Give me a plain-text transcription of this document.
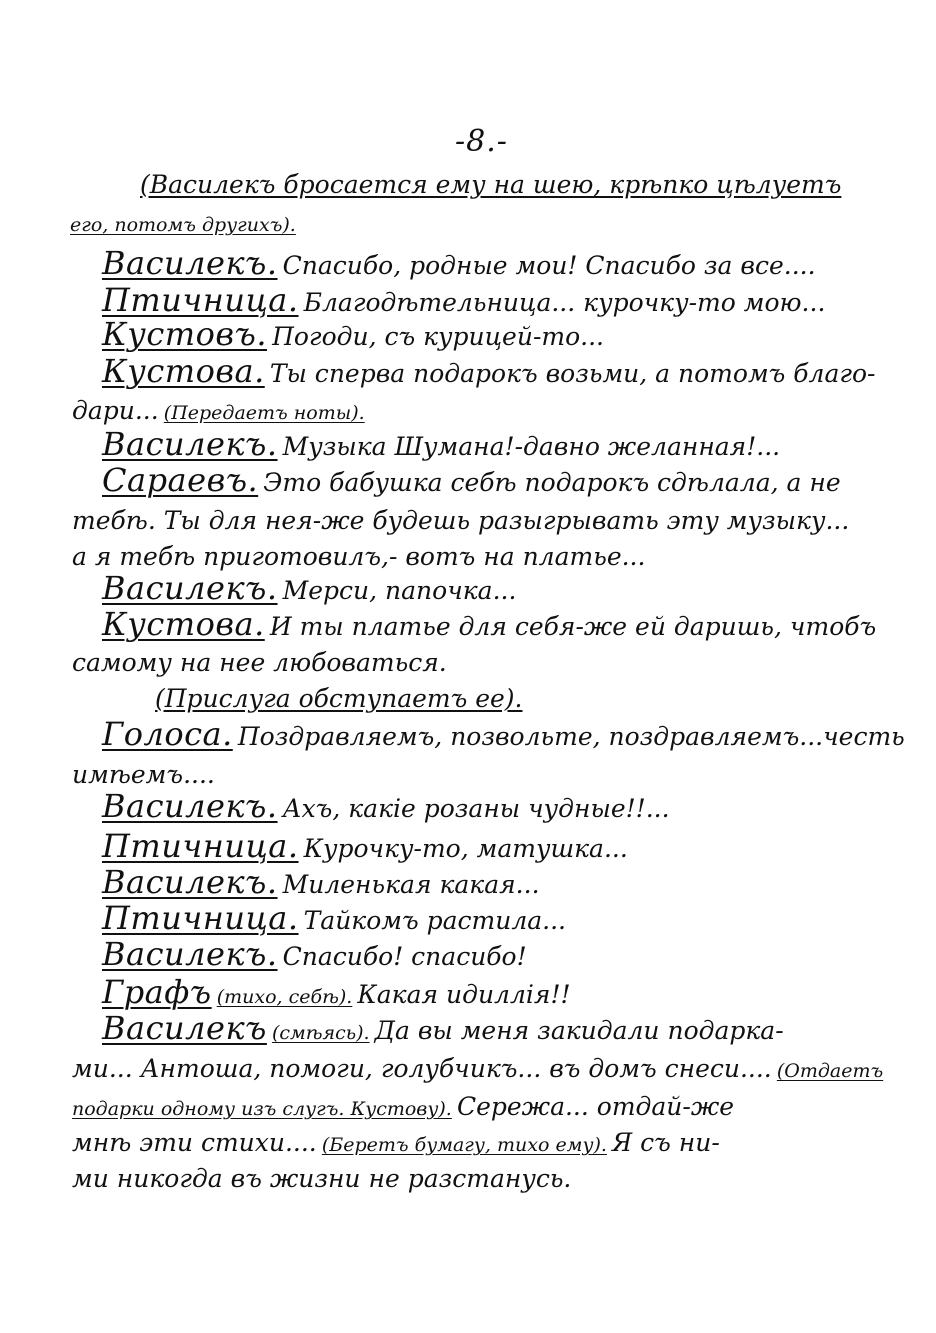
-8.-
(Василекъ бросается ему на шею, крѣпко цѣлуетъ
его, потомъ другихъ).
Василекъ. Спасибо, родные мои! Спасибо за все....
Птичница. Благодѣтельница... курочку-то мою...
Кустовъ. Погоди, съ курицей-то...
Кустова. Ты сперва подарокъ возьми, а потомъ благо-
дари... (Передаетъ ноты).
Василекъ. Музыка Шумана!-давно желанная!...
Сараевъ. Это бабушка себѣ подарокъ сдѣлала, а не
тебѣ. Ты для нея-же будешь разыгрывать эту музыку...
а я тебѣ приготовилъ,- вотъ на платье...
Василекъ. Мерси, папочка...
Кустова. И ты платье для себя-же ей даришь, чтобъ
самому на нее любоваться.
(Прислуга обступаетъ ее).
Голоса. Поздравляемъ, позвольте, поздравляемъ...честь
имѣемъ....
Василекъ. Ахъ, какіе розаны чудные!!...
Птичница. Курочку-то, матушка...
Василекъ. Миленькая какая...
Птичница. Тайкомъ растила...
Василекъ. Спасибо! спасибо!
Графъ (тихо, себѣ). Какая идиллія!!
Василекъ (смѣясь). Да вы меня закидали подарка-
ми... Антоша, помоги, голубчикъ... въ домъ снеси.... (Отдаетъ
подарки одному изъ слугъ. Кустову). Сережа... отдай-же
мнѣ эти стихи.... (Беретъ бумагу, тихо ему). Я съ ни-
ми никогда въ жизни не разстанусь.
